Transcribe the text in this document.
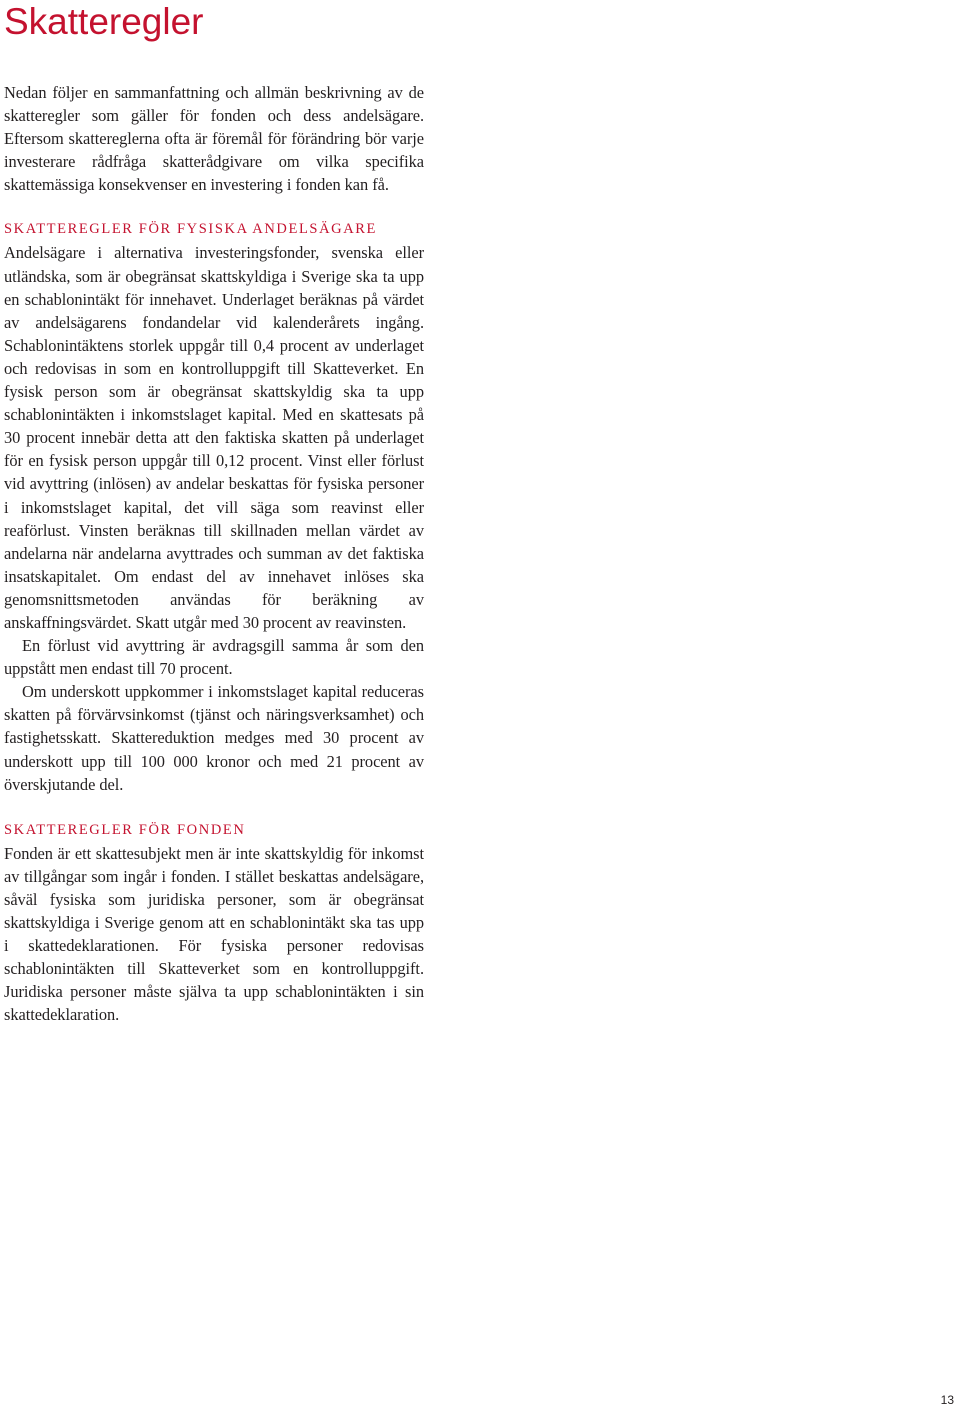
Skatteregler

Nedan följer en sammanfattning och allmän beskrivning av de skatteregler som gäller för fonden och dess andelsägare. Eftersom skattereglerna ofta är föremål för förändring bör varje investerare rådfråga skatterådgivare om vilka specifika skattemässiga konsekvenser en investering i fonden kan få.

SKATTEREGLER FÖR FYSISKA ANDELSÄGARE

Andelsägare i alternativa investeringsfonder, svenska eller utländska, som är obegränsat skattskyldiga i Sverige ska ta upp en schablonintäkt för innehavet. Underlaget beräknas på värdet av andelsägarens fondandelar vid kalenderårets ingång. Schablonintäktens storlek uppgår till 0,4 procent av underlaget och redovisas in som en kontrolluppgift till Skatteverket. En fysisk person som är obegränsat skattskyldig ska ta upp schablonintäkten i inkomstslaget kapital. Med en skattesats på 30 procent innebär detta att den faktiska skatten på underlaget för en fysisk person uppgår till 0,12 procent. Vinst eller förlust vid avyttring (inlösen) av andelar beskattas för fysiska personer i inkomstslaget kapital, det vill säga som reavinst eller reaförlust. Vinsten beräknas till skillnaden mellan värdet av andelarna när andelarna avyttrades och summan av det faktiska insatskapitalet. Om endast del av innehavet inlöses ska genomsnittsmetoden användas för beräkning av anskaffningsvärdet. Skatt utgår med 30 procent av reavinsten.

En förlust vid avyttring är avdragsgill samma år som den uppstått men endast till 70 procent.

Om underskott uppkommer i inkomstslaget kapital reduceras skatten på förvärvsinkomst (tjänst och näringsverksamhet) och fastighetsskatt. Skattereduktion medges med 30 procent av underskott upp till 100 000 kronor och med 21 procent av överskjutande del.

SKATTEREGLER FÖR FONDEN

Fonden är ett skattesubjekt men är inte skattskyldig för inkomst av tillgångar som ingår i fonden. I stället beskattas andelsägare, såväl fysiska som juridiska personer, som är obegränsat skattskyldiga i Sverige genom att en schablonintäkt ska tas upp i skattedeklarationen. För fysiska personer redovisas schablonintäkten till Skatteverket som en kontrolluppgift. Juridiska personer måste själva ta upp schablonintäkten i sin skattedeklaration.

13
